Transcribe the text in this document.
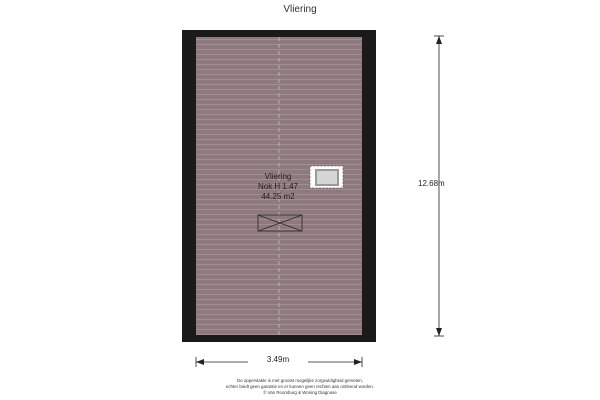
Vliering
Vliering
Nok H 1.47
44.25 m2
12.68m
3.49m
De oppervlakte is met grootst mogelijke zorgvuldigheid gemeten,
echter biedt geen garantie en er kunnen geen rechten aan ontleend worden.
© Van Roomburg & Woning Diagnose
